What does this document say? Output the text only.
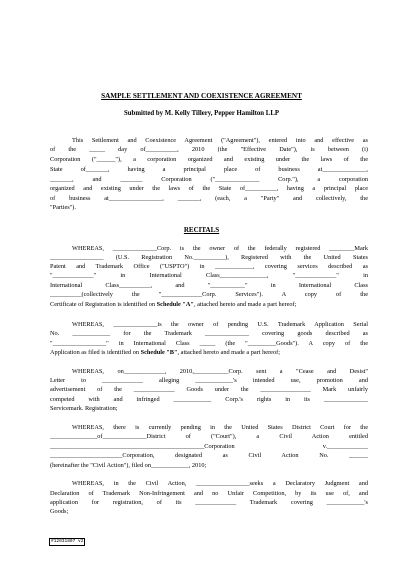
SAMPLE SETTLEMENT AND COEXISTENCE AGREEMENT
Submitted by M. Kelly Tillery, Pepper Hamilton LLP
This Settlement and Coexistence Agreement ("Agreement"), entered into and effective as
of the _____ day of__________, 2010 (the "Effective Date"), is between (i)
Corporation ("______"), a corporation organized and existing under the laws of the
State of_______, having a principal place of business at______________,
_______, and _______ Corporation ("______________ Corp."), a corporation
organized and existing under the laws of the State of__________, having a principal place
of business at_________________, _______, (each, a "Party" and collectively, the
"Parties").
RECITALS
WHEREAS, ______________Corp. is the owner of the federally registered ________Mark
_________________ (U.S. Registration No.__________), Registered with the United States
Patent and Trademark Office ("USPTO") in ____________, covering services described as
"_____________" in International Class_______________, "_____________" in
International Class__________, and "___________" in International Class
__________(collectively the "_____________Corp. Services"). A copy of the
Certificate of Registration is identified on Schedule "A", attached hereto and made a part hereof;
WHEREAS, ______________is the owner of pending U.S. Trademark Application Serial
No. ____________ for the Trademark ______________ covering goods described as
"_________________" in International Class _____ (the "_________Goods"). A copy of the
Application as filed is identified on Schedule "B", attached hereto and made a part hereof;
WHEREAS, on_____________, 2010,___________Corp. sent a "Cease and Desist"
Letter to _____________ alleging ____________'s intended use, promotion and
advertisement of the _____________ Goods under the ________________ Mark unfairly
competed with and infringed ____________ Corp.'s rights in its ______________
Servicemark. Registration;
WHEREAS, there is currently pending in the United States District Court for the
_______________of______________District of ("Court"), a Civil Action entitled
_________________________________________________Corporation v._____________
_______________________Corporation, designated as Civil Action No. ______
(hereinafter the "Civil Action"), filed on____________, 2010;
WHEREAS, in the Civil Action, _________________seeks a Declaratory Judgment and
Declaration of Trademark Non-Infringement and no Unfair Competition, by its use of, and
application for registration, of its _____________ Trademark covering ____________'s
Goods;
#12031807 v2
